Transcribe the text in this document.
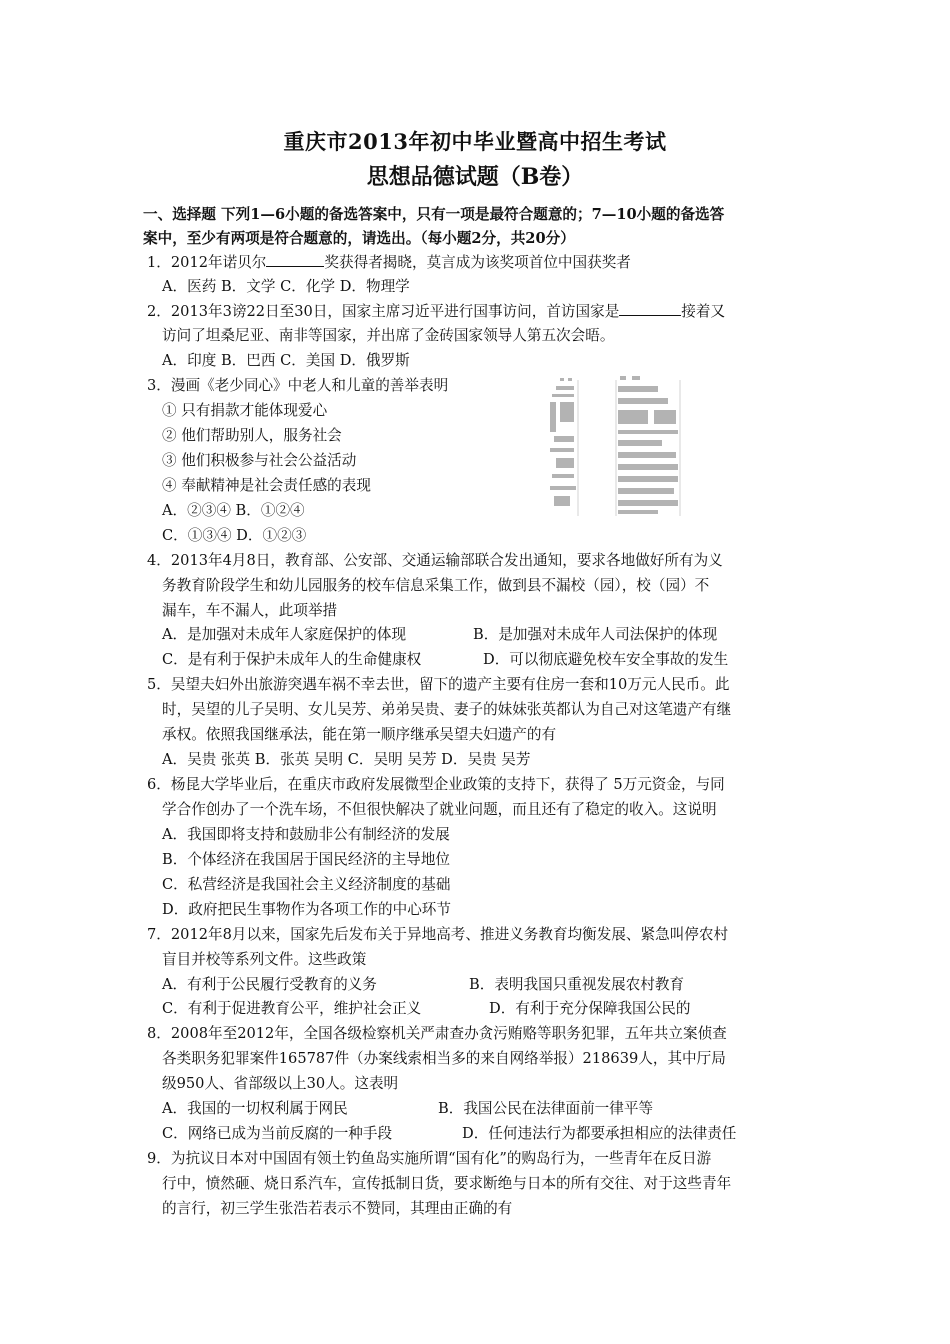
重庆市2013年初中毕业暨高中招生考试
思想品德试题（B卷）
一、选择题 下列1—6小题的备选答案中，只有一项是最符合题意的；7—10小题的备选答
案中，至少有两项是符合题意的，请选出。（每小题2分，共20分）
1．2012年诺贝尔	奖获得者揭晓，莫言成为该奖项首位中国获奖者
A．医药 B．文学 C．化学 D．物理学
2．2013年3谤22日至30日，国家主席习近平进行国事访问，首访国家是	接着又
访问了坦桑尼亚、南非等国家，并出席了金砖国家领导人第五次会晤。
A．印度 B．巴西 C．美国 D．俄罗斯
3．漫画《老少同心》中老人和儿童的善举表明
① 只有捐款才能体现爱心
② 他们帮助别人，服务社会
③ 他们积极参与社会公益活动
④ 奉献精神是社会责任感的表现
A．②③④ B．①②④
C．①③④ D．①②③
4．2013年4月8日，教育部、公安部、交通运输部联合发出通知，要求各地做好所有为义
务教育阶段学生和幼儿园服务的校车信息采集工作，做到县不漏校（园），校（园）不
漏车，车不漏人，此项举措
A．是加强对未成年人家庭保护的体现	B．是加强对未成年人司法保护的体现
C．是有利于保护未成年人的生命健康权	D．可以彻底避免校车安全事故的发生
5．吴望夫妇外出旅游突遇车祸不幸去世，留下的遗产主要有住房一套和10万元人民币。此
时，吴望的儿子吴明、女儿吴芳、弟弟吴贵、妻子的妹妹张英都认为自己对这笔遗产有继
承权。依照我国继承法，能在第一顺序继承吴望夫妇遗产的有
A．吴贵 张英 B．张英 吴明 C．吴明 吴芳 D．吴贵 吴芳
6．杨昆大学毕业后，在重庆市政府发展微型企业政策的支持下，获得了 5万元资金，与同
学合作创办了一个洗车场，不但很快解决了就业问题，而且还有了稳定的收入。这说明
A．我国即将支持和鼓励非公有制经济的发展
B．个体经济在我国居于国民经济的主导地位
C．私营经济是我国社会主义经济制度的基础
D．政府把民生事物作为各项工作的中心环节
7．2012年8月以来，国家先后发布关于异地高考、推进义务教育均衡发展、紧急叫停农村
盲目并校等系列文件。这些政策
A．有利于公民履行受教育的义务	B．表明我国只重视发展农村教育
C．有利于促进教育公平，维护社会正义	D．有利于充分保障我国公民的
8．2008年至2012年，全国各级检察机关严肃查办贪污贿赂等职务犯罪，五年共立案侦查
各类职务犯罪案件165787件（办案线索相当多的来自网络举报）218639人，其中厅局
级950人、省部级以上30人。这表明
A．我国的一切权利属于网民	B．我国公民在法律面前一律平等
C．网络已成为当前反腐的一种手段	D．任何违法行为都要承担相应的法律责任
9．为抗议日本对中国固有领土钓鱼岛实施所谓“国有化”的购岛行为，一些青年在反日游
行中，愤然砸、烧日系汽车，宣传抵制日货，要求断绝与日本的所有交往、对于这些青年
的言行，初三学生张浩若表示不赞同，其理由正确的有
